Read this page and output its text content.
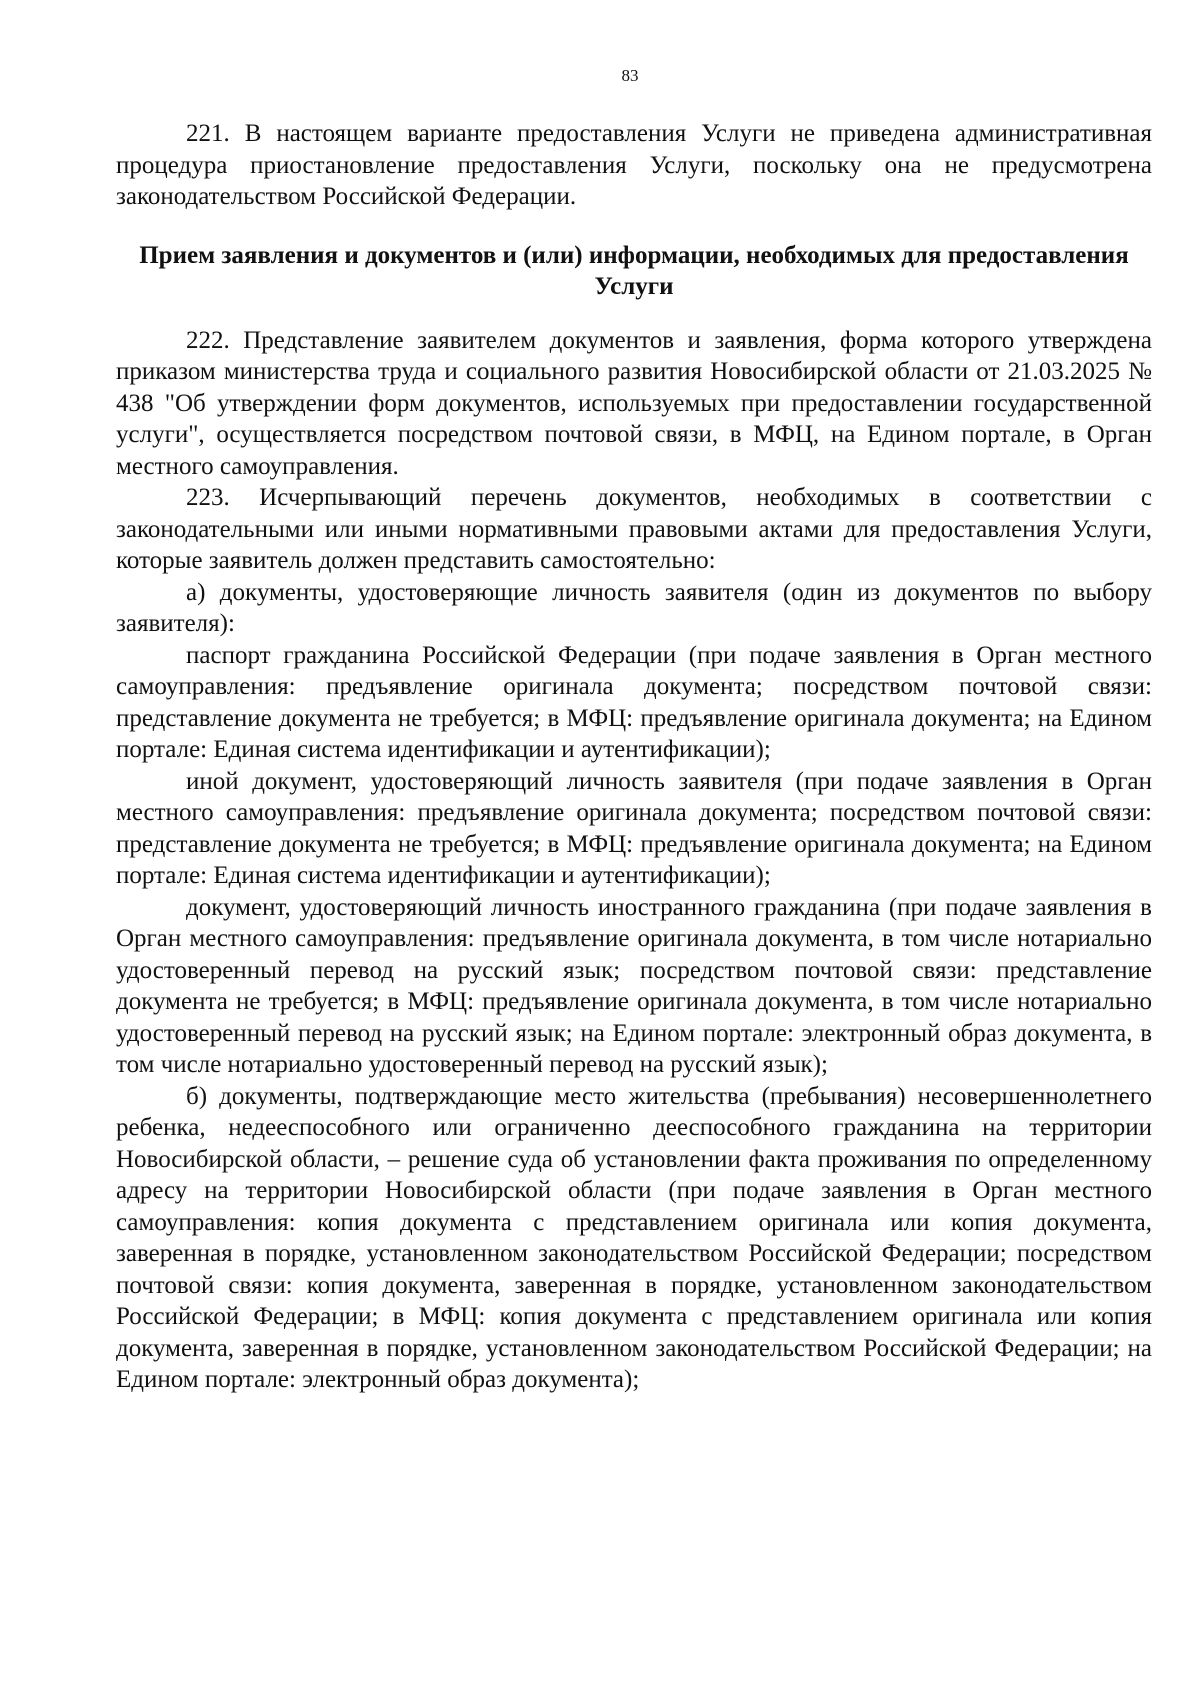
83

221. В настоящем варианте предоставления Услуги не приведена административная процедура приостановление предоставления Услуги, поскольку она не предусмотрена законодательством Российской Федерации.

Прием заявления и документов и (или) информации, необходимых для предоставления Услуги

222. Представление заявителем документов и заявления, форма которого утверждена приказом министерства труда и социального развития Новосибирской области от 21.03.2025 № 438 "Об утверждении форм документов, используемых при предоставлении государственной услуги", осуществляется посредством почтовой связи, в МФЦ, на Едином портале, в Орган местного самоуправления.

223. Исчерпывающий перечень документов, необходимых в соответствии с законодательными или иными нормативными правовыми актами для предоставления Услуги, которые заявитель должен представить самостоятельно:

а) документы, удостоверяющие личность заявителя (один из документов по выбору заявителя):

паспорт гражданина Российской Федерации (при подаче заявления в Орган местного самоуправления: предъявление оригинала документа; посредством почтовой связи: представление документа не требуется; в МФЦ: предъявление оригинала документа; на Едином портале: Единая система идентификации и аутентификации);

иной документ, удостоверяющий личность заявителя (при подаче заявления в Орган местного самоуправления: предъявление оригинала документа; посредством почтовой связи: представление документа не требуется; в МФЦ: предъявление оригинала документа; на Едином портале: Единая система идентификации и аутентификации);

документ, удостоверяющий личность иностранного гражданина (при подаче заявления в Орган местного самоуправления: предъявление оригинала документа, в том числе нотариально удостоверенный перевод на русский язык; посредством почтовой связи: представление документа не требуется; в МФЦ: предъявление оригинала документа, в том числе нотариально удостоверенный перевод на русский язык; на Едином портале: электронный образ документа, в том числе нотариально удостоверенный перевод на русский язык);

б) документы, подтверждающие место жительства (пребывания) несовершеннолетнего ребенка, недееспособного или ограниченно дееспособного гражданина на территории Новосибирской области, – решение суда об установлении факта проживания по определенному адресу на территории Новосибирской области (при подаче заявления в Орган местного самоуправления: копия документа с представлением оригинала или копия документа, заверенная в порядке, установленном законодательством Российской Федерации; посредством почтовой связи: копия документа, заверенная в порядке, установленном законодательством Российской Федерации; в МФЦ: копия документа с представлением оригинала или копия документа, заверенная в порядке, установленном законодательством Российской Федерации; на Едином портале: электронный образ документа);
